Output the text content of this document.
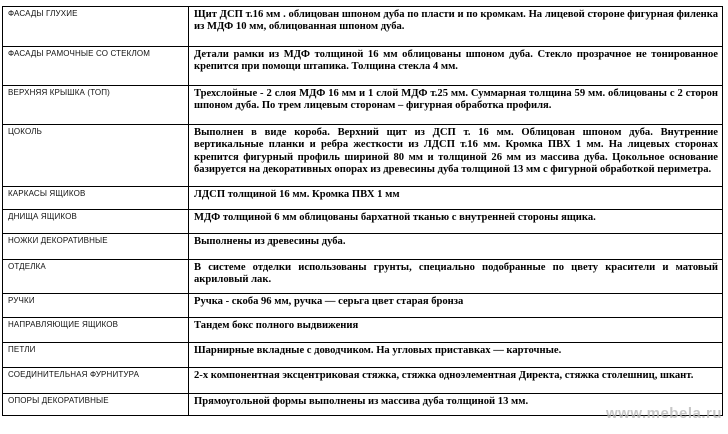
ФАСАДЫ ГЛУХИЕ	Щит ДСП т.16 мм . облицован шпоном дуба по пласти и по кромкам. На лицевой стороне фигурная филенка из МДФ 10 мм, облицованная шпоном дуба.
ФАСАДЫ РАМОЧНЫЕ СО СТЕКЛОМ	Детали рамки из МДФ толщиной 16 мм облицованы шпоном дуба. Стекло прозрачное не тонированное крепится при помощи штапика. Толщина стекла 4 мм.
ВЕРХНЯЯ КРЫШКА (ТОП)	Трехслойные - 2 слоя МДФ 16 мм и 1 слой МДФ т.25 мм. Суммарная толщина 59 мм. облицованы с 2 сторон шпоном дуба. По трем лицевым сторонам – фигурная обработка профиля.
ЦОКОЛЬ	Выполнен в виде короба. Верхний щит из ДСП т. 16 мм. Облицован шпоном дуба. Внутренние вертикальные планки и ребра жесткости из ЛДСП т.16 мм. Кромка ПВХ 1 мм. На лицевых сторонах крепится фигурный профиль шириной 80 мм и толщиной 26 мм из массива дуба. Цокольное основание базируется на декоративных опорах из древесины дуба толщиной 13 мм с фигурной обработкой периметра.
КАРКАСЫ ЯЩИКОВ	ЛДСП толщиной 16 мм. Кромка ПВХ 1 мм
ДНИЩА ЯЩИКОВ	МДФ толщиной 6 мм облицованы бархатной тканью с внутренней стороны ящика.
НОЖКИ ДЕКОРАТИВНЫЕ	Выполнены из древесины дуба.
ОТДЕЛКА	В системе отделки использованы грунты, специально подобранные по цвету красители и матовый акриловый лак.
РУЧКИ	Ручка - скоба 96 мм, ручка — серьга цвет старая бронза
НАПРАВЛЯЮЩИЕ ЯЩИКОВ	Тандем бокс полного выдвижения
ПЕТЛИ	Шарнирные вкладные с доводчиком. На угловых приставках — карточные.
СОЕДИНИТЕЛЬНАЯ ФУРНИТУРА	2-х компонентная эксцентриковая стяжка, стяжка одноэлементная Директа, стяжка столешниц, шкант.
ОПОРЫ ДЕКОРАТИВНЫЕ	Прямоугольной формы выполнены из массива дуба толщиной 13 мм.
www.mebela.ru
